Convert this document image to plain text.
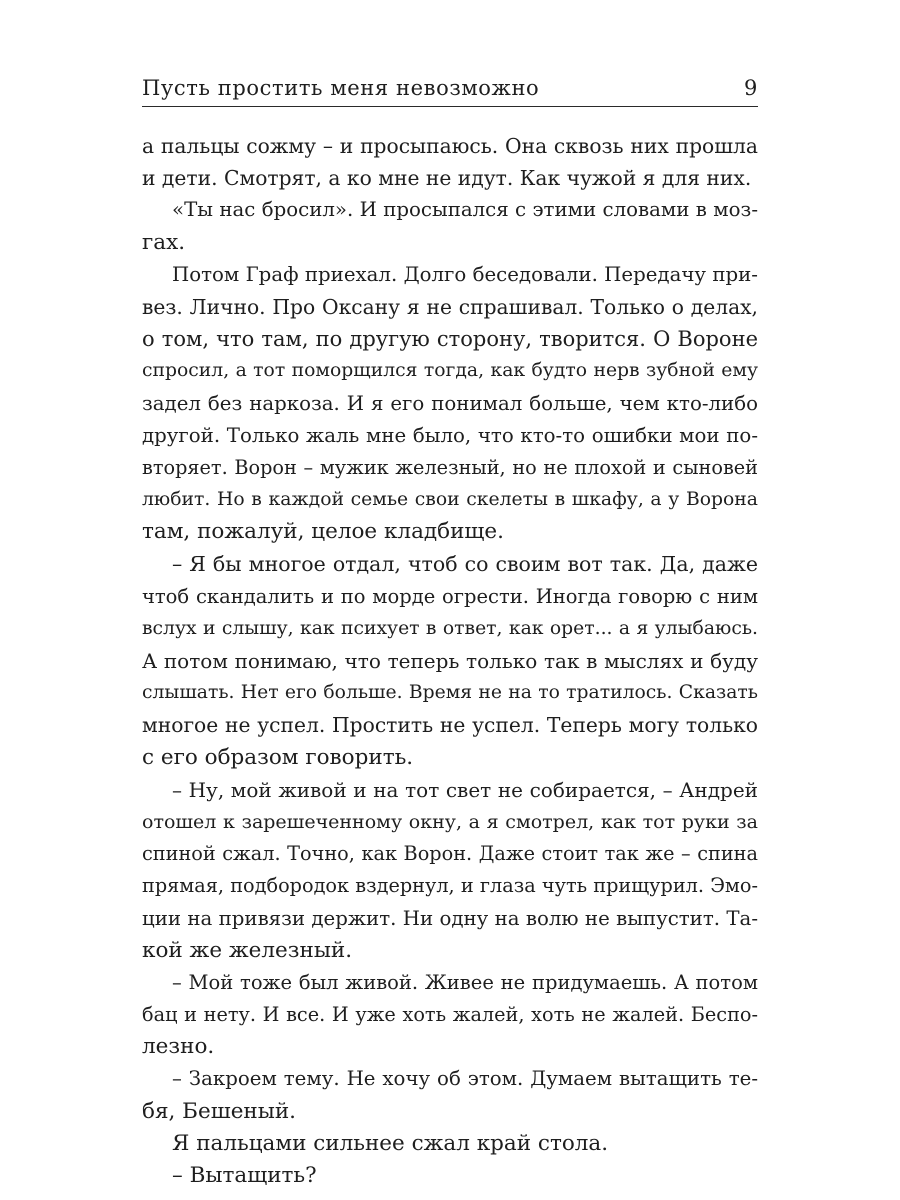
Пусть простить меня невозможно	9
а пальцы сожму – и просыпаюсь. Она сквозь них прошла
и дети. Смотрят, а ко мне не идут. Как чужой я для них.
«Ты нас бросил». И просыпался с этими словами в моз-
гах.
Потом Граф приехал. Долго беседовали. Передачу при-
вез. Лично. Про Оксану я не спрашивал. Только о делах,
о том, что там, по другую сторону, творится. О Вороне
спросил, а тот поморщился тогда, как будто нерв зубной ему
задел без наркоза. И я его понимал больше, чем кто-либо
другой. Только жаль мне было, что кто-то ошибки мои по-
вторяет. Ворон – мужик железный, но не плохой и сыновей
любит. Но в каждой семье свои скелеты в шкафу, а у Ворона
там, пожалуй, целое кладбище.
– Я бы многое отдал, чтоб со своим вот так. Да, даже
чтоб скандалить и по морде огрести. Иногда говорю с ним
вслух и слышу, как психует в ответ, как орет... а я улыбаюсь.
А потом понимаю, что теперь только так в мыслях и буду
слышать. Нет его больше. Время не на то тратилось. Сказать
многое не успел. Простить не успел. Теперь могу только
с его образом говорить.
– Ну, мой живой и на тот свет не собирается, – Андрей
отошел к зарешеченному окну, а я смотрел, как тот руки за
спиной сжал. Точно, как Ворон. Даже стоит так же – спина
прямая, подбородок вздернул, и глаза чуть прищурил. Эмо-
ции на привязи держит. Ни одну на волю не выпустит. Та-
кой же железный.
– Мой тоже был живой. Живее не придумаешь. А потом
бац и нету. И все. И уже хоть жалей, хоть не жалей. Беспо-
лезно.
– Закроем тему. Не хочу об этом. Думаем вытащить те-
бя, Бешеный.
Я пальцами сильнее сжал край стола.
– Вытащить?
